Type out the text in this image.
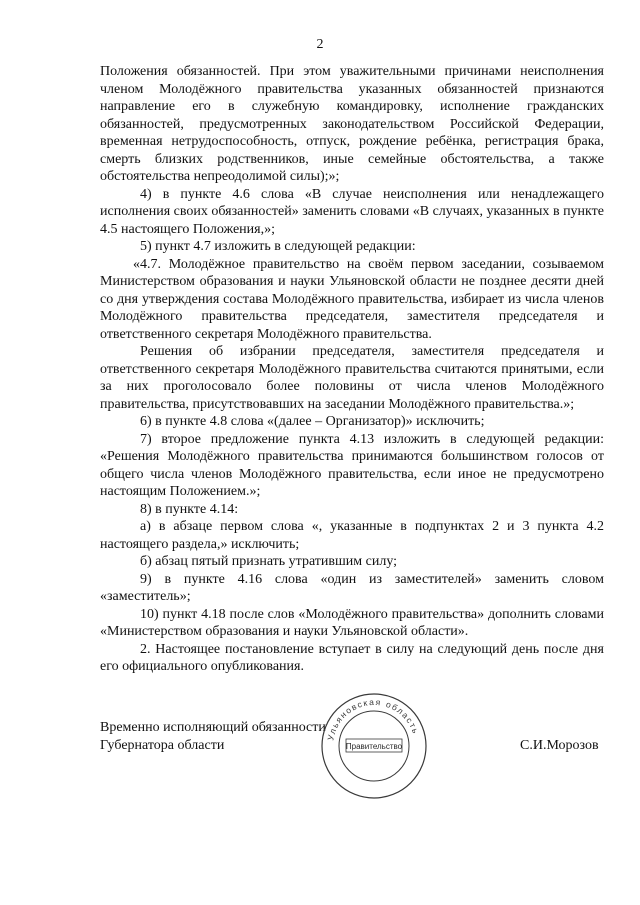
2

Положения обязанностей. При этом уважительными причинами неисполнения членом Молодёжного правительства указанных обязанностей признаются направление его в служебную командировку, исполнение гражданских обязанностей, предусмотренных законодательством Российской Федерации, временная нетрудоспособность, отпуск, рождение ребёнка, регистрация брака, смерть близких родственников, иные семейные обстоятельства, а также обстоятельства непреодолимой силы);»;

4) в пункте 4.6 слова «В случае неисполнения или ненадлежащего исполнения своих обязанностей» заменить словами «В случаях, указанных в пункте 4.5 настоящего Положения,»;

5) пункт 4.7 изложить в следующей редакции:

«4.7. Молодёжное правительство на своём первом заседании, созываемом Министерством образования и науки Ульяновской области не позднее десяти дней со дня утверждения состава Молодёжного правительства, избирает из числа членов Молодёжного правительства председателя, заместителя председателя и ответственного секретаря Молодёжного правительства.

Решения об избрании председателя, заместителя председателя и ответственного секретаря Молодёжного правительства считаются принятыми, если за них проголосовало более половины от числа членов Молодёжного правительства, присутствовавших на заседании Молодёжного правительства.»;

6) в пункте 4.8 слова «(далее – Организатор)» исключить;

7) второе предложение пункта 4.13 изложить в следующей редакции: «Решения Молодёжного правительства принимаются большинством голосов от общего числа членов Молодёжного правительства, если иное не предусмотрено настоящим Положением.»;

8) в пункте 4.14:

а) в абзаце первом слова «, указанные в подпунктах 2 и 3 пункта 4.2 настоящего раздела,» исключить;

б) абзац пятый признать утратившим силу;

9) в пункте 4.16 слова «один из заместителей» заменить словом «заместитель»;

10) пункт 4.18 после слов «Молодёжного правительства» дополнить словами «Министерством образования и науки Ульяновской области».

2. Настоящее постановление вступает в силу на следующий день после дня его официального опубликования.

Временно исполняющий обязанности
Губернатора области
Ульяновская область
Правительство	С.И.Морозов
